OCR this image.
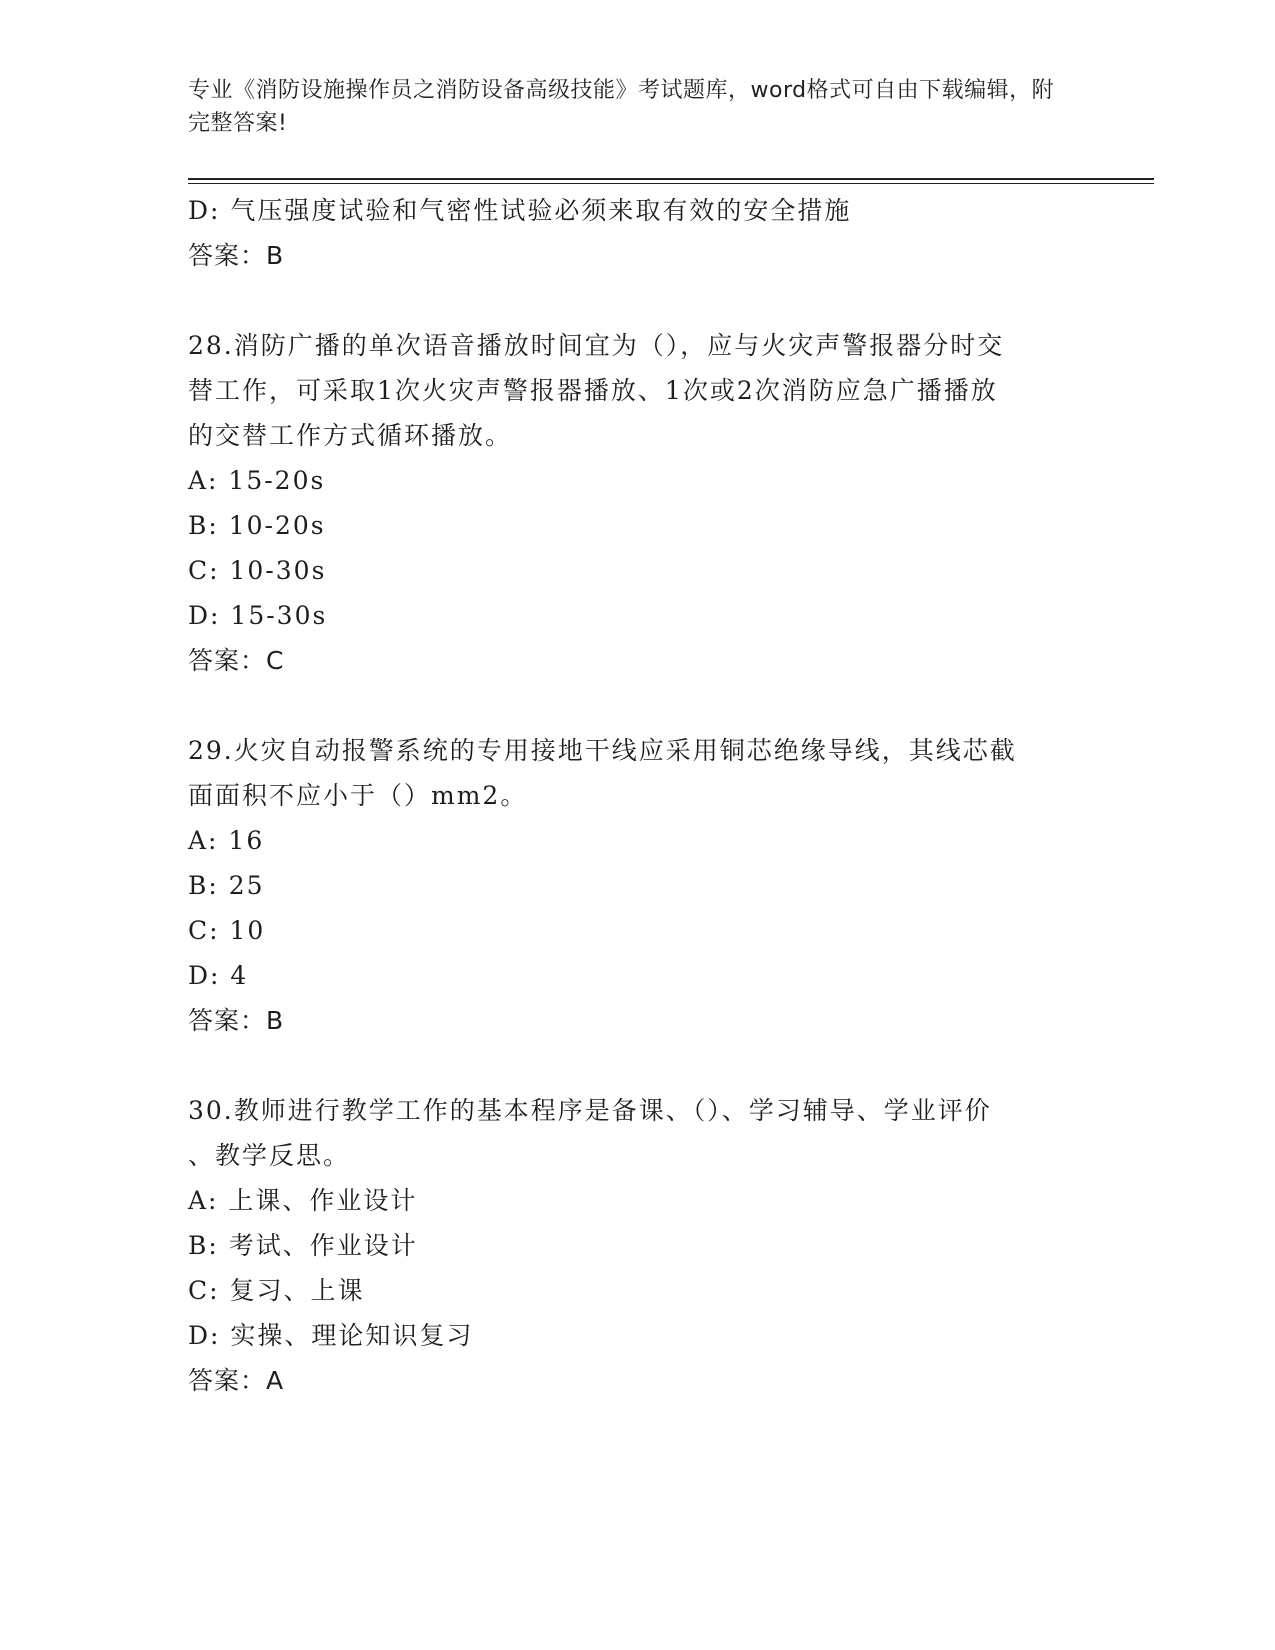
专业《消防设施操作员之消防设备高级技能》考试题库，word格式可自由下载编辑，附完整答案!
D: 气压强度试验和气密性试验必须来取有效的安全措施
答案：B
28.消防广播的单次语音播放时间宜为（），应与火灾声警报器分时交
替工作，可采取1次火灾声警报器播放、1次或2次消防应急广播播放
的交替工作方式循环播放。
A: 15-20s
B: 10-20s
C: 10-30s
D: 15-30s
答案：C
29.火灾自动报警系统的专用接地干线应采用铜芯绝缘导线，其线芯截
面面积不应小于（）mm2。
A: 16
B: 25
C: 10
D: 4
答案：B
30.教师进行教学工作的基本程序是备课、（）、学习辅导、学业评价
、教学反思。
A: 上课、作业设计
B: 考试、作业设计
C: 复习、上课
D: 实操、理论知识复习
答案：A
